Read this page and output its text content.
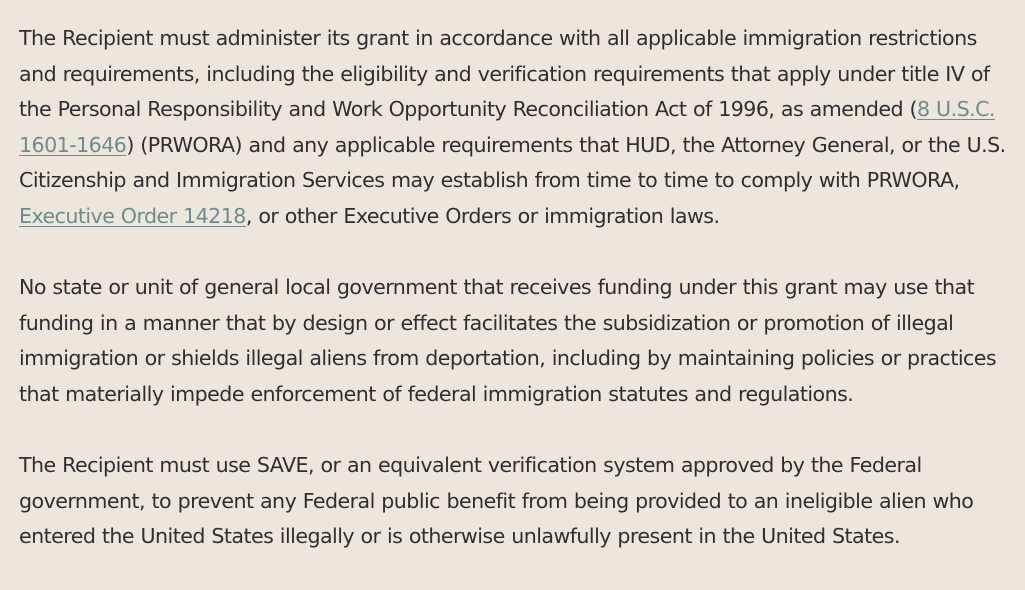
The Recipient must administer its grant in accordance with all applicable immigration restrictions and requirements, including the eligibility and verification requirements that apply under title IV of the Personal Responsibility and Work Opportunity Reconciliation Act of 1996, as amended (8 U.S.C. 1601-1646) (PRWORA) and any applicable requirements that HUD, the Attorney General, or the U.S. Citizenship and Immigration Services may establish from time to time to comply with PRWORA, Executive Order 14218, or other Executive Orders or immigration laws.

No state or unit of general local government that receives funding under this grant may use that funding in a manner that by design or effect facilitates the subsidization or promotion of illegal immigration or shields illegal aliens from deportation, including by maintaining policies or practices that materially impede enforcement of federal immigration statutes and regulations.

The Recipient must use SAVE, or an equivalent verification system approved by the Federal government, to prevent any Federal public benefit from being provided to an ineligible alien who entered the United States illegally or is otherwise unlawfully present in the United States.
